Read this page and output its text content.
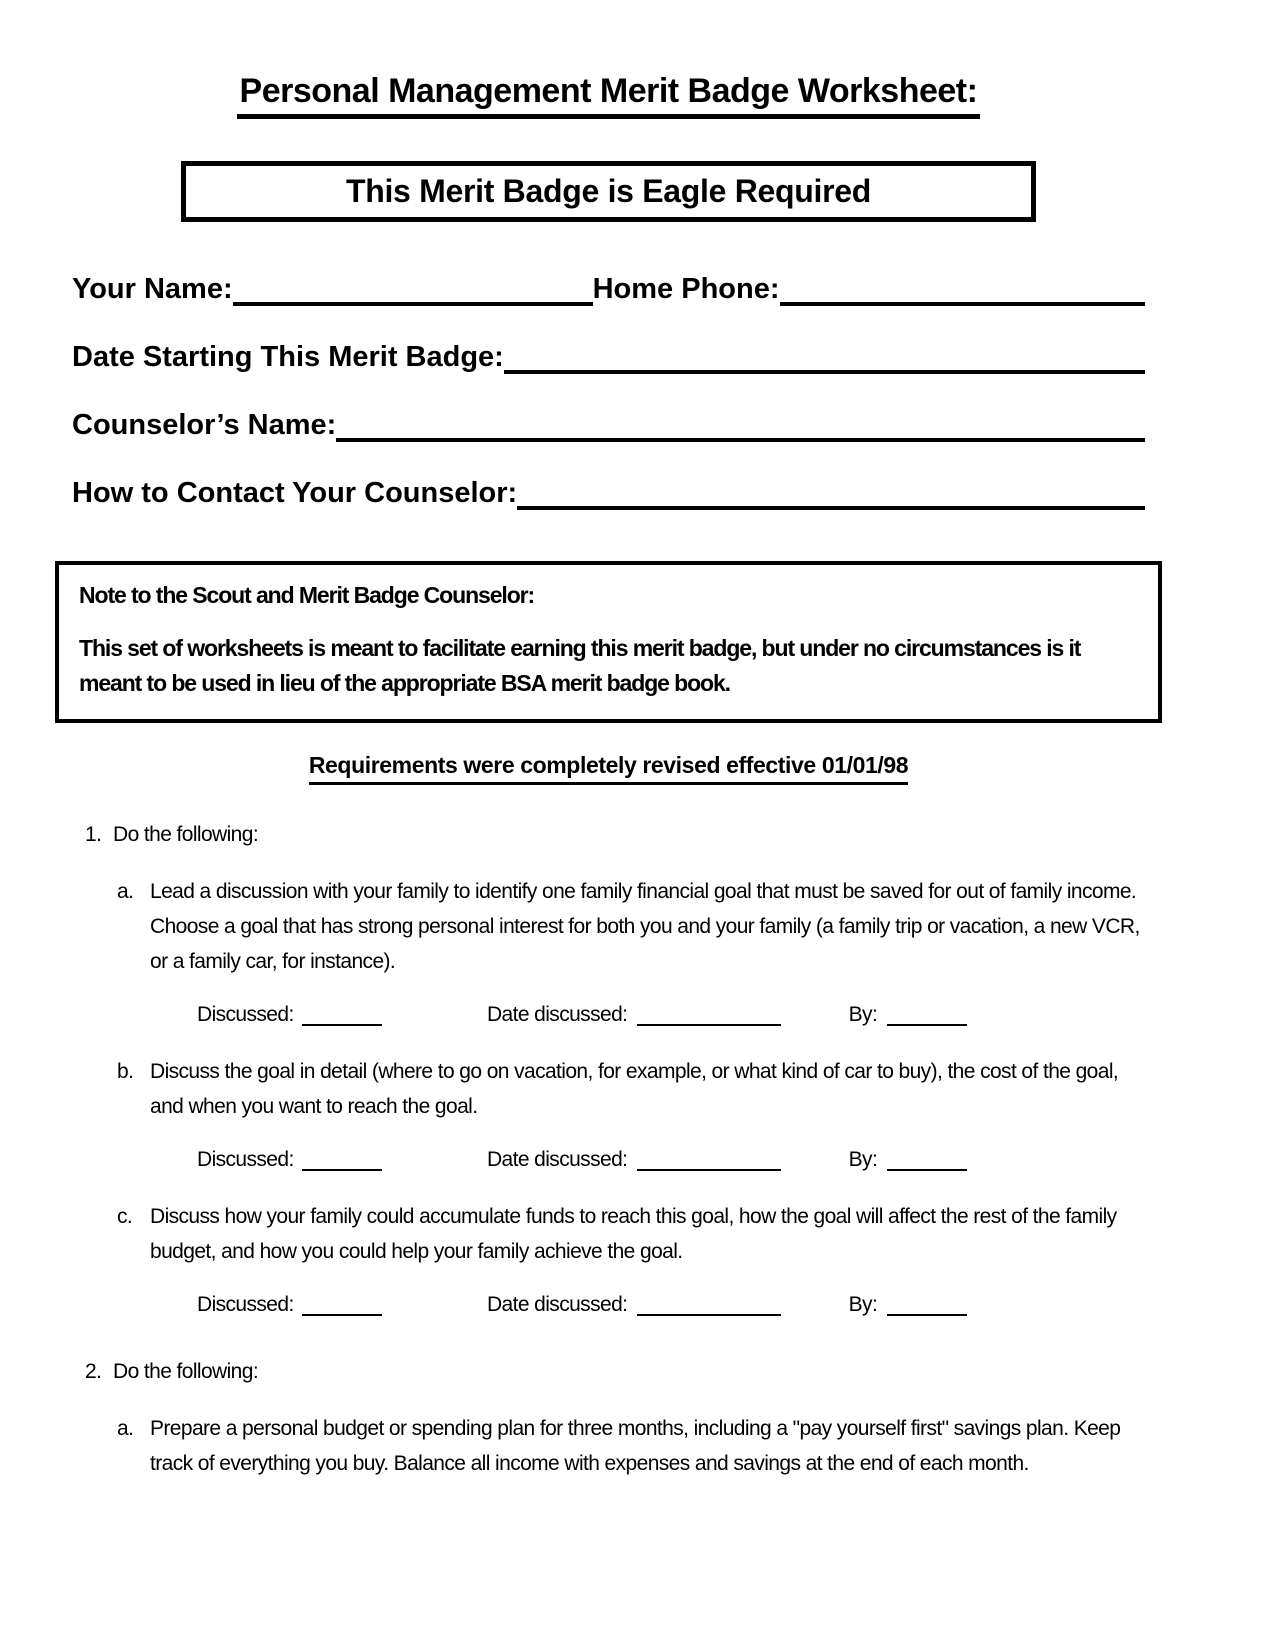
Personal Management Merit Badge Worksheet:
This Merit Badge is Eagle Required
Your Name:	Home Phone:
Date Starting This Merit Badge:
Counselor’s Name:
How to Contact Your Counselor:
Note to the Scout and Merit Badge Counselor:
This set of worksheets is meant to facilitate earning this merit badge, but under no circumstances is it meant to be used in lieu of the appropriate BSA merit badge book.
Requirements were completely revised effective 01/01/98
1. Do the following:
a. Lead a discussion with your family to identify one family financial goal that must be saved for out of family income. Choose a goal that has strong personal interest for both you and your family (a family trip or vacation, a new VCR, or a family car, for instance).
Discussed:	Date discussed:	By:
b. Discuss the goal in detail (where to go on vacation, for example, or what kind of car to buy), the cost of the goal, and when you want to reach the goal.
Discussed:	Date discussed:	By:
c. Discuss how your family could accumulate funds to reach this goal, how the goal will affect the rest of the family budget, and how you could help your family achieve the goal.
Discussed:	Date discussed:	By:
2. Do the following:
a. Prepare a personal budget or spending plan for three months, including a "pay yourself first" savings plan. Keep track of everything you buy. Balance all income with expenses and savings at the end of each month.
